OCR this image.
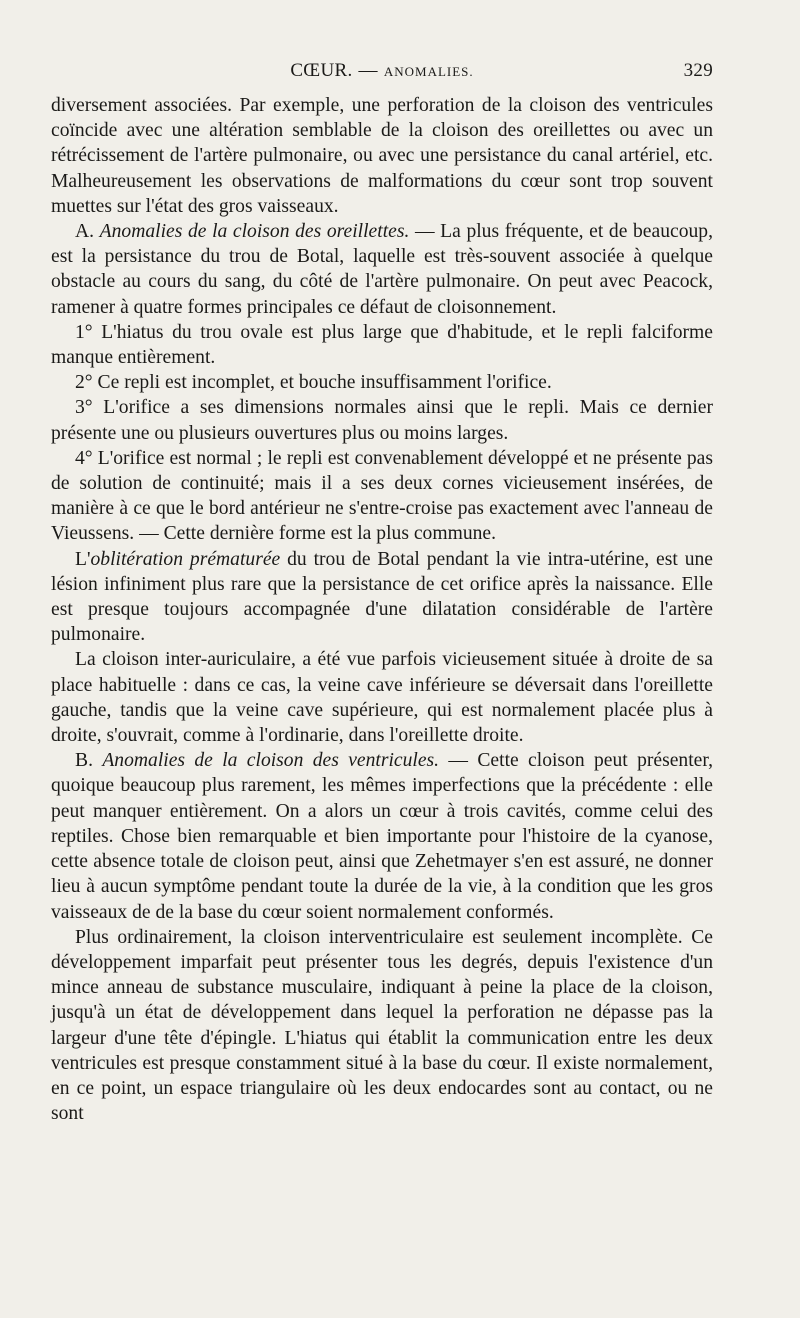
CŒUR. — ANOMALIES.	329

diversement associées. Par exemple, une perforation de la cloison des ventricules coïncide avec une altération semblable de la cloison des oreillettes ou avec un rétrécissement de l'artère pulmonaire, ou avec une persistance du canal artériel, etc. Malheureusement les observations de malformations du cœur sont trop souvent muettes sur l'état des gros vaisseaux.

A. Anomalies de la cloison des oreillettes. — La plus fréquente, et de beaucoup, est la persistance du trou de Botal, laquelle est très-souvent associée à quelque obstacle au cours du sang, du côté de l'artère pulmonaire. On peut avec Peacock, ramener à quatre formes principales ce défaut de cloisonnement.

1° L'hiatus du trou ovale est plus large que d'habitude, et le repli falciforme manque entièrement.

2° Ce repli est incomplet, et bouche insuffisamment l'orifice.

3° L'orifice a ses dimensions normales ainsi que le repli. Mais ce dernier présente une ou plusieurs ouvertures plus ou moins larges.

4° L'orifice est normal ; le repli est convenablement développé et ne présente pas de solution de continuité; mais il a ses deux cornes vicieusement insérées, de manière à ce que le bord antérieur ne s'entre-croise pas exactement avec l'anneau de Vieussens. — Cette dernière forme est la plus commune.

L'oblitération prématurée du trou de Botal pendant la vie intra-utérine, est une lésion infiniment plus rare que la persistance de cet orifice après la naissance. Elle est presque toujours accompagnée d'une dilatation considérable de l'artère pulmonaire.

La cloison inter-auriculaire, a été vue parfois vicieusement située à droite de sa place habituelle : dans ce cas, la veine cave inférieure se déversait dans l'oreillette gauche, tandis que la veine cave supérieure, qui est normalement placée plus à droite, s'ouvrait, comme à l'ordinarie, dans l'oreillette droite.

B. Anomalies de la cloison des ventricules. — Cette cloison peut présenter, quoique beaucoup plus rarement, les mêmes imperfections que la précédente : elle peut manquer entièrement. On a alors un cœur à trois cavités, comme celui des reptiles. Chose bien remarquable et bien importante pour l'histoire de la cyanose, cette absence totale de cloison peut, ainsi que Zehetmayer s'en est assuré, ne donner lieu à aucun symptôme pendant toute la durée de la vie, à la condition que les gros vaisseaux de de la base du cœur soient normalement conformés.

Plus ordinairement, la cloison interventriculaire est seulement incomplète. Ce développement imparfait peut présenter tous les degrés, depuis l'existence d'un mince anneau de substance musculaire, indiquant à peine la place de la cloison, jusqu'à un état de développement dans lequel la perforation ne dépasse pas la largeur d'une tête d'épingle. L'hiatus qui établit la communication entre les deux ventricules est presque constamment situé à la base du cœur. Il existe normalement, en ce point, un espace triangulaire où les deux endocardes sont au contact, ou ne sont
